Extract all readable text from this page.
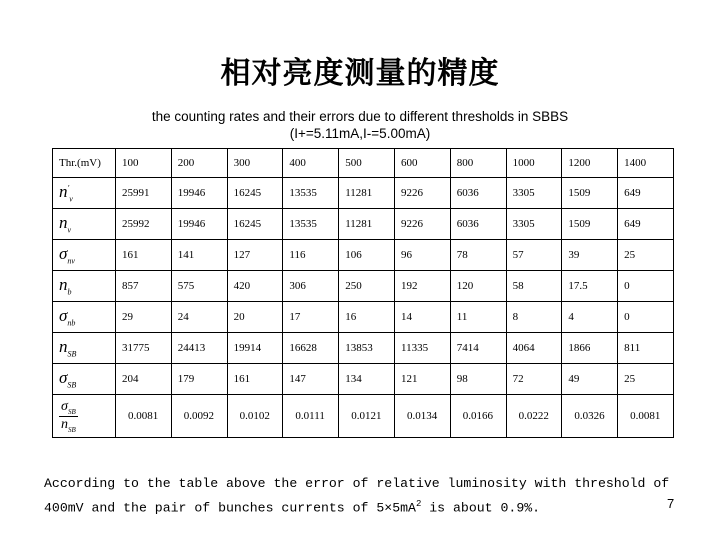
相对亮度测量的精度
the counting rates and their errors due to different thresholds in SBBS
(I+=5.11mA,I-=5.00mA)
Thr.(mV)	100	200	300	400	500	600	800	1000	1200	1400
$n'_\nu$	25991	19946	16245	13535	11281	9226	6036	3305	1509	649
$n_\nu$	25992	19946	16245	13535	11281	9226	6036	3305	1509	649
$\sigma_{n\nu}$	161	141	127	116	106	96	78	57	39	25
$n_b$	857	575	420	306	250	192	120	58	17.5	0
$\sigma_{nb}$	29	24	20	17	16	14	11	8	4	0
$n_{SB}$	31775	24413	19914	16628	13853	11335	7414	4064	1866	811
$\sigma_{SB}$	204	179	161	147	134	121	98	72	49	25

$\frac{\sigma_{SB}}{n_{SB}}$	0.0081	0.0092	0.0102	0.0111	0.0121	0.0134	0.0166	0.0222	0.0326	0.0081
According to the table above the error of relative luminosity with threshold of
400mV and the pair of bunches currents of $5\times 5mA^2$ is about 0.9%.	7
